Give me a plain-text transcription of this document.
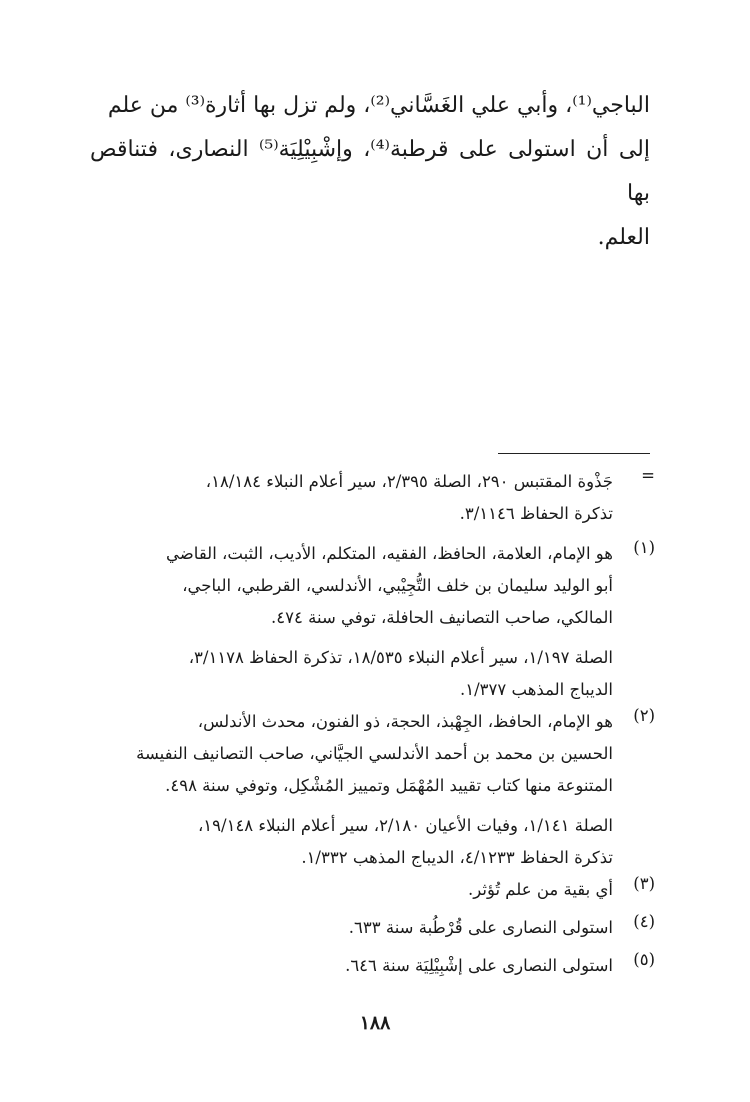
الباجي⁽¹⁾، وأبي علي الغَسَّاني⁽²⁾، ولم تزل بها أثارة⁽³⁾ من علم

إلى أن استولى على قرطبة⁽⁴⁾، وإشْبِيْلِيَة⁽⁵⁾ النصارى، فتناقص بها

العلم.

=

جَذْوة المقتبس ٢٩٠، الصلة ٢/٣٩٥، سير أعلام النبلاء ١٨/١٨٤،

تذكرة الحفاظ ٣/١١٤٦.

(١)

هو الإمام، العلامة، الحافظ، الفقيه، المتكلم، الأديب، الثبت، القاضي

أبو الوليد سليمان بن خلف التُّجِيْبي، الأندلسي، القرطبي، الباجي،

المالكي، صاحب التصانيف الحافلة، توفي سنة ٤٧٤.

الصلة ١/١٩٧، سير أعلام النبلاء ١٨/٥٣٥، تذكرة الحفاظ ٣/١١٧٨،

الديباج المذهب ١/٣٧٧.

(٢)

هو الإمام، الحافظ، الجِهْبذ، الحجة، ذو الفنون، محدث الأندلس،

الحسين بن محمد بن أحمد الأندلسي الجيَّاني، صاحب التصانيف النفيسة

المتنوعة منها كتاب تقييد المُهْمَل وتمييز المُشْكِل، وتوفي سنة ٤٩٨.

الصلة ١/١٤١، وفيات الأعيان ٢/١٨٠، سير أعلام النبلاء ١٩/١٤٨،

تذكرة الحفاظ ٤/١٢٣٣، الديباج المذهب ١/٣٣٢.

(٣)

أي بقية من علم تُؤثر.

(٤)

استولى النصارى على قُرْطُبة سنة ٦٣٣.

(٥)

استولى النصارى على إشْبِيْلِيَة سنة ٦٤٦.

١٨٨
